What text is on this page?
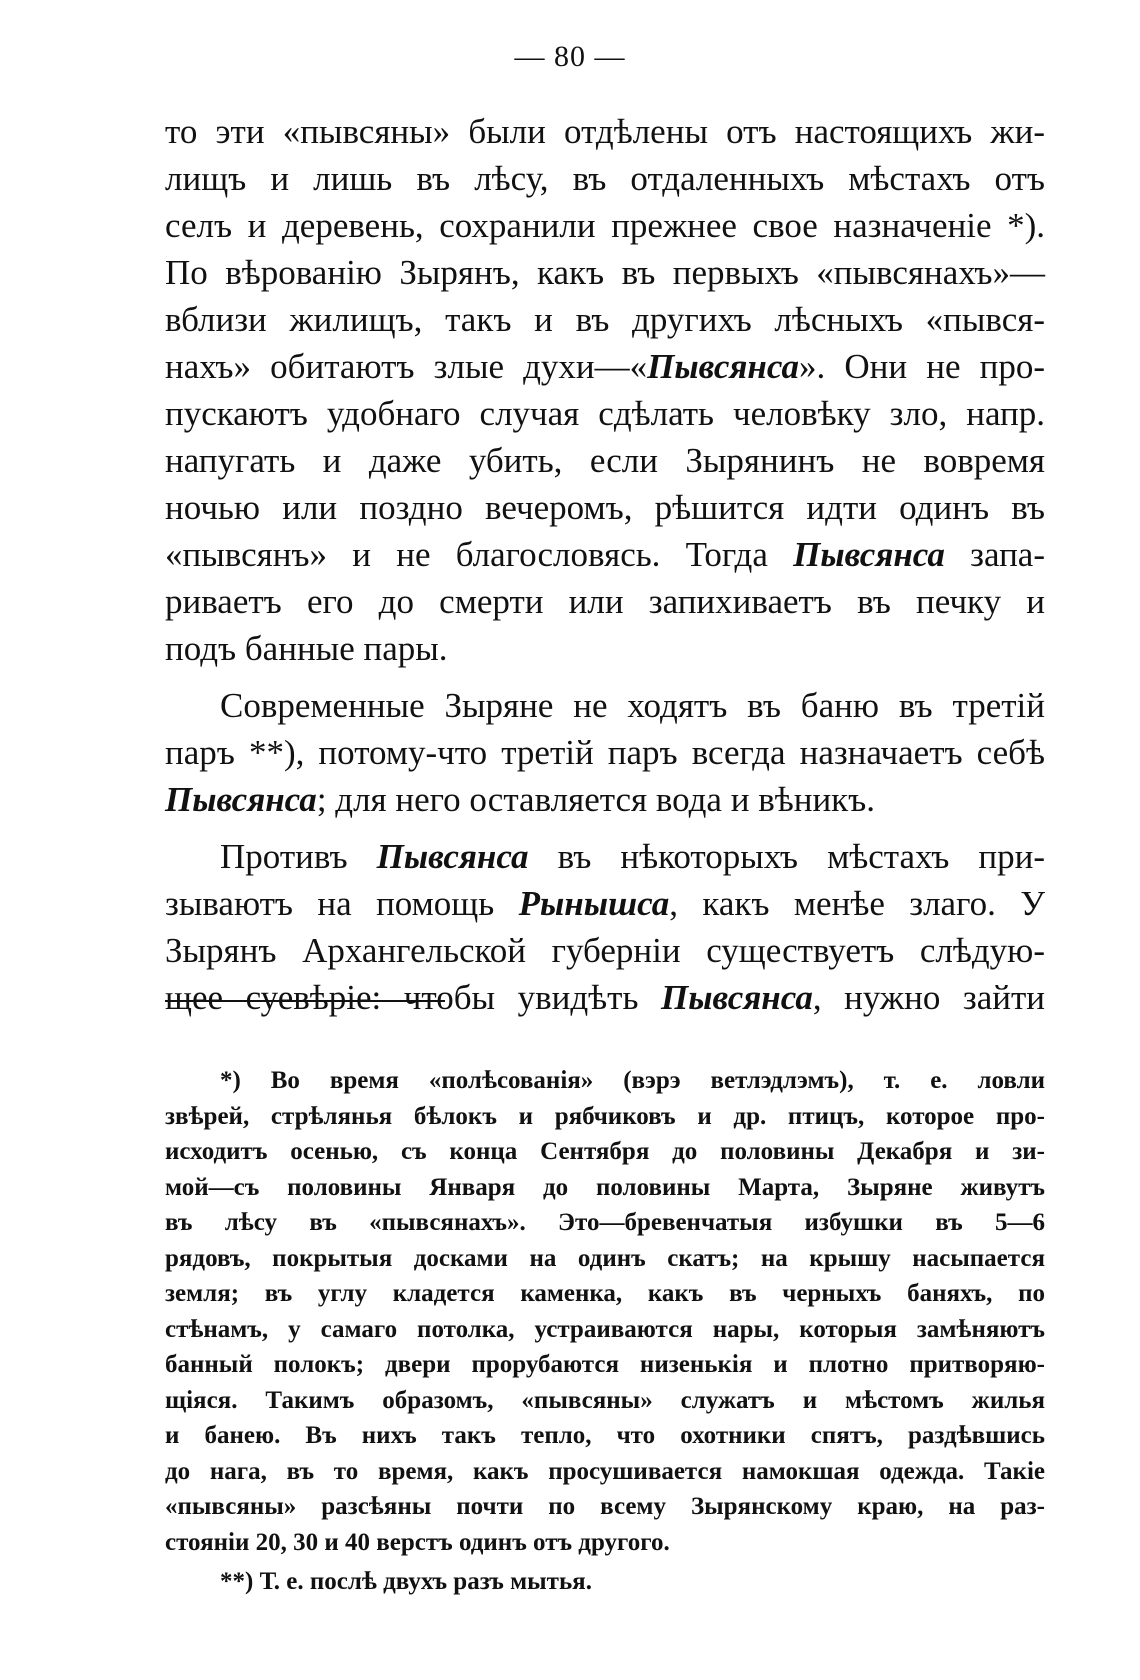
— 80 —
то эти «пывсяны» были отдѣлены отъ настоящихъ жи-
лищъ и лишь въ лѣсу, въ отдаленныхъ мѣстахъ отъ
селъ и деревень, сохранили прежнее свое назначеніе *).
По вѣрованію Зырянъ, какъ въ первыхъ «пывсянахъ»—
вблизи жилищъ, такъ и въ другихъ лѣсныхъ «пывся-
нахъ» обитаютъ злые духи—«Пывсянса». Они не про-
пускаютъ удобнаго случая сдѣлать человѣку зло, напр.
напугать и даже убить, если Зырянинъ не вовремя
ночью или поздно вечеромъ, рѣшится идти одинъ въ
«пывсянъ» и не благословясь. Тогда Пывсянса запа-
риваетъ его до смерти или запихиваетъ въ печку и
подъ банные пары.
Современные Зыряне не ходятъ въ баню въ третій
паръ **), потому-что третій паръ всегда назначаетъ себѣ
Пывсянса; для него оставляется вода и вѣникъ.
Противъ Пывсянса въ нѣкоторыхъ мѣстахъ при-
зываютъ на помощь Рынышса, какъ менѣе злаго. У
Зырянъ Архангельской губерніи существуетъ слѣдую-
щее суевѣріе: чтобы увидѣть Пывсянса, нужно зайти
*) Во время «полѣсованія» (вэрэ ветлэдлэмъ), т. е. ловли
звѣрей, стрѣлянья бѣлокъ и рябчиковъ и др. птицъ, которое про-
исходитъ осенью, съ конца Сентября до половины Декабря и зи-
мой—съ половины Января до половины Марта, Зыряне живутъ
въ лѣсу въ «пывсянахъ». Это—бревенчатыя избушки въ 5—6
рядовъ, покрытыя досками на одинъ скатъ; на крышу насыпается
земля; въ углу кладется каменка, какъ въ черныхъ баняхъ, по
стѣнамъ, у самаго потолка, устраиваются нары, которыя замѣняютъ
банный полокъ; двери прорубаются низенькія и плотно притворяю-
щіяся. Такимъ образомъ, «пывсяны» служатъ и мѣстомъ жилья
и банею. Въ нихъ такъ тепло, что охотники спятъ, раздѣвшись
до нага, въ то время, какъ просушивается намокшая одежда. Такіе
«пывсяны» разсѣяны почти по всему Зырянскому краю, на раз-
стояніи 20, 30 и 40 верстъ одинъ отъ другого.
**) Т. е. послѣ двухъ разъ мытья.
